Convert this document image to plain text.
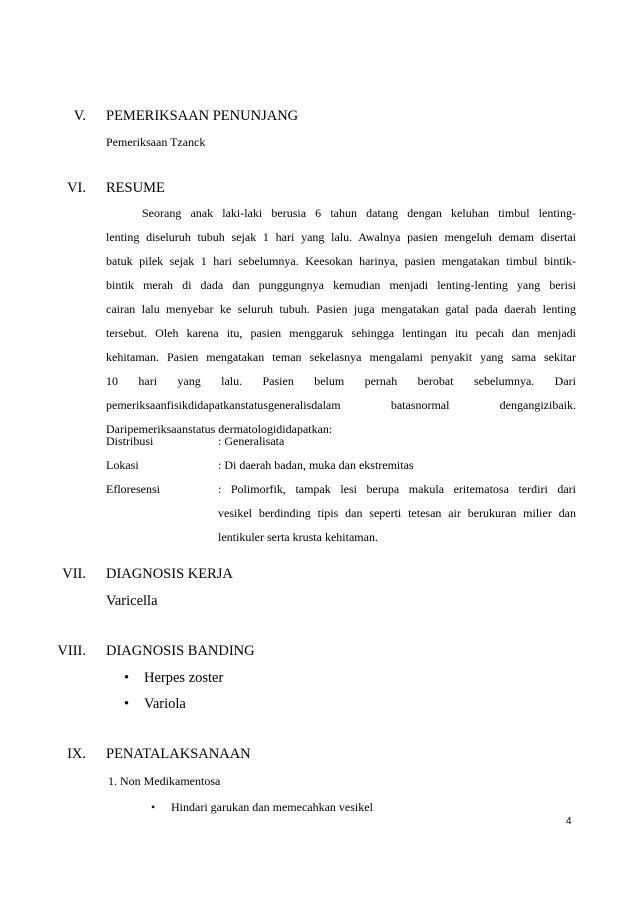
V. PEMERIKSAAN PENUNJANG
Pemeriksaan Tzanck
VI. RESUME
Seorang anak laki-laki berusia 6 tahun datang dengan keluhan timbul lenting-
lenting diseluruh tubuh sejak 1 hari yang lalu. Awalnya pasien mengeluh demam disertai
batuk pilek sejak 1 hari sebelumnya. Keesokan harinya, pasien mengatakan timbul bintik-
bintik merah di dada dan punggungnya kemudian menjadi lenting-lenting yang berisi
cairan lalu menyebar ke seluruh tubuh. Pasien juga mengatakan gatal pada daerah lenting
tersebut. Oleh karena itu, pasien menggaruk sehingga lentingan itu pecah dan menjadi
kehitaman. Pasien mengatakan teman sekelasnya mengalami penyakit yang sama sekitar
10 hari yang lalu. Pasien belum pernah berobat sebelumnya. Dari
pemeriksaanfisikdidapatkanstatusgeneralisdalam batasnormal dengangizibaik.
Daripemeriksaanstatus dermatologididapatkan:
Distribusi	: Generalisata
Lokasi	: Di daerah badan, muka dan ekstremitas
Efloresensi	: Polimorfik, tampak lesi berupa makula eritematosa terdiri dari
vesikel berdinding tipis dan seperti tetesan air berukuran milier dan
lentikuler serta krusta kehitaman.
VII. DIAGNOSIS KERJA
Varicella
VIII. DIAGNOSIS BANDING
• Herpes zoster
• Variola
IX. PENATALAKSANAAN
1. Non Medikamentosa
• Hindari garukan dan memecahkan vesikel
4
